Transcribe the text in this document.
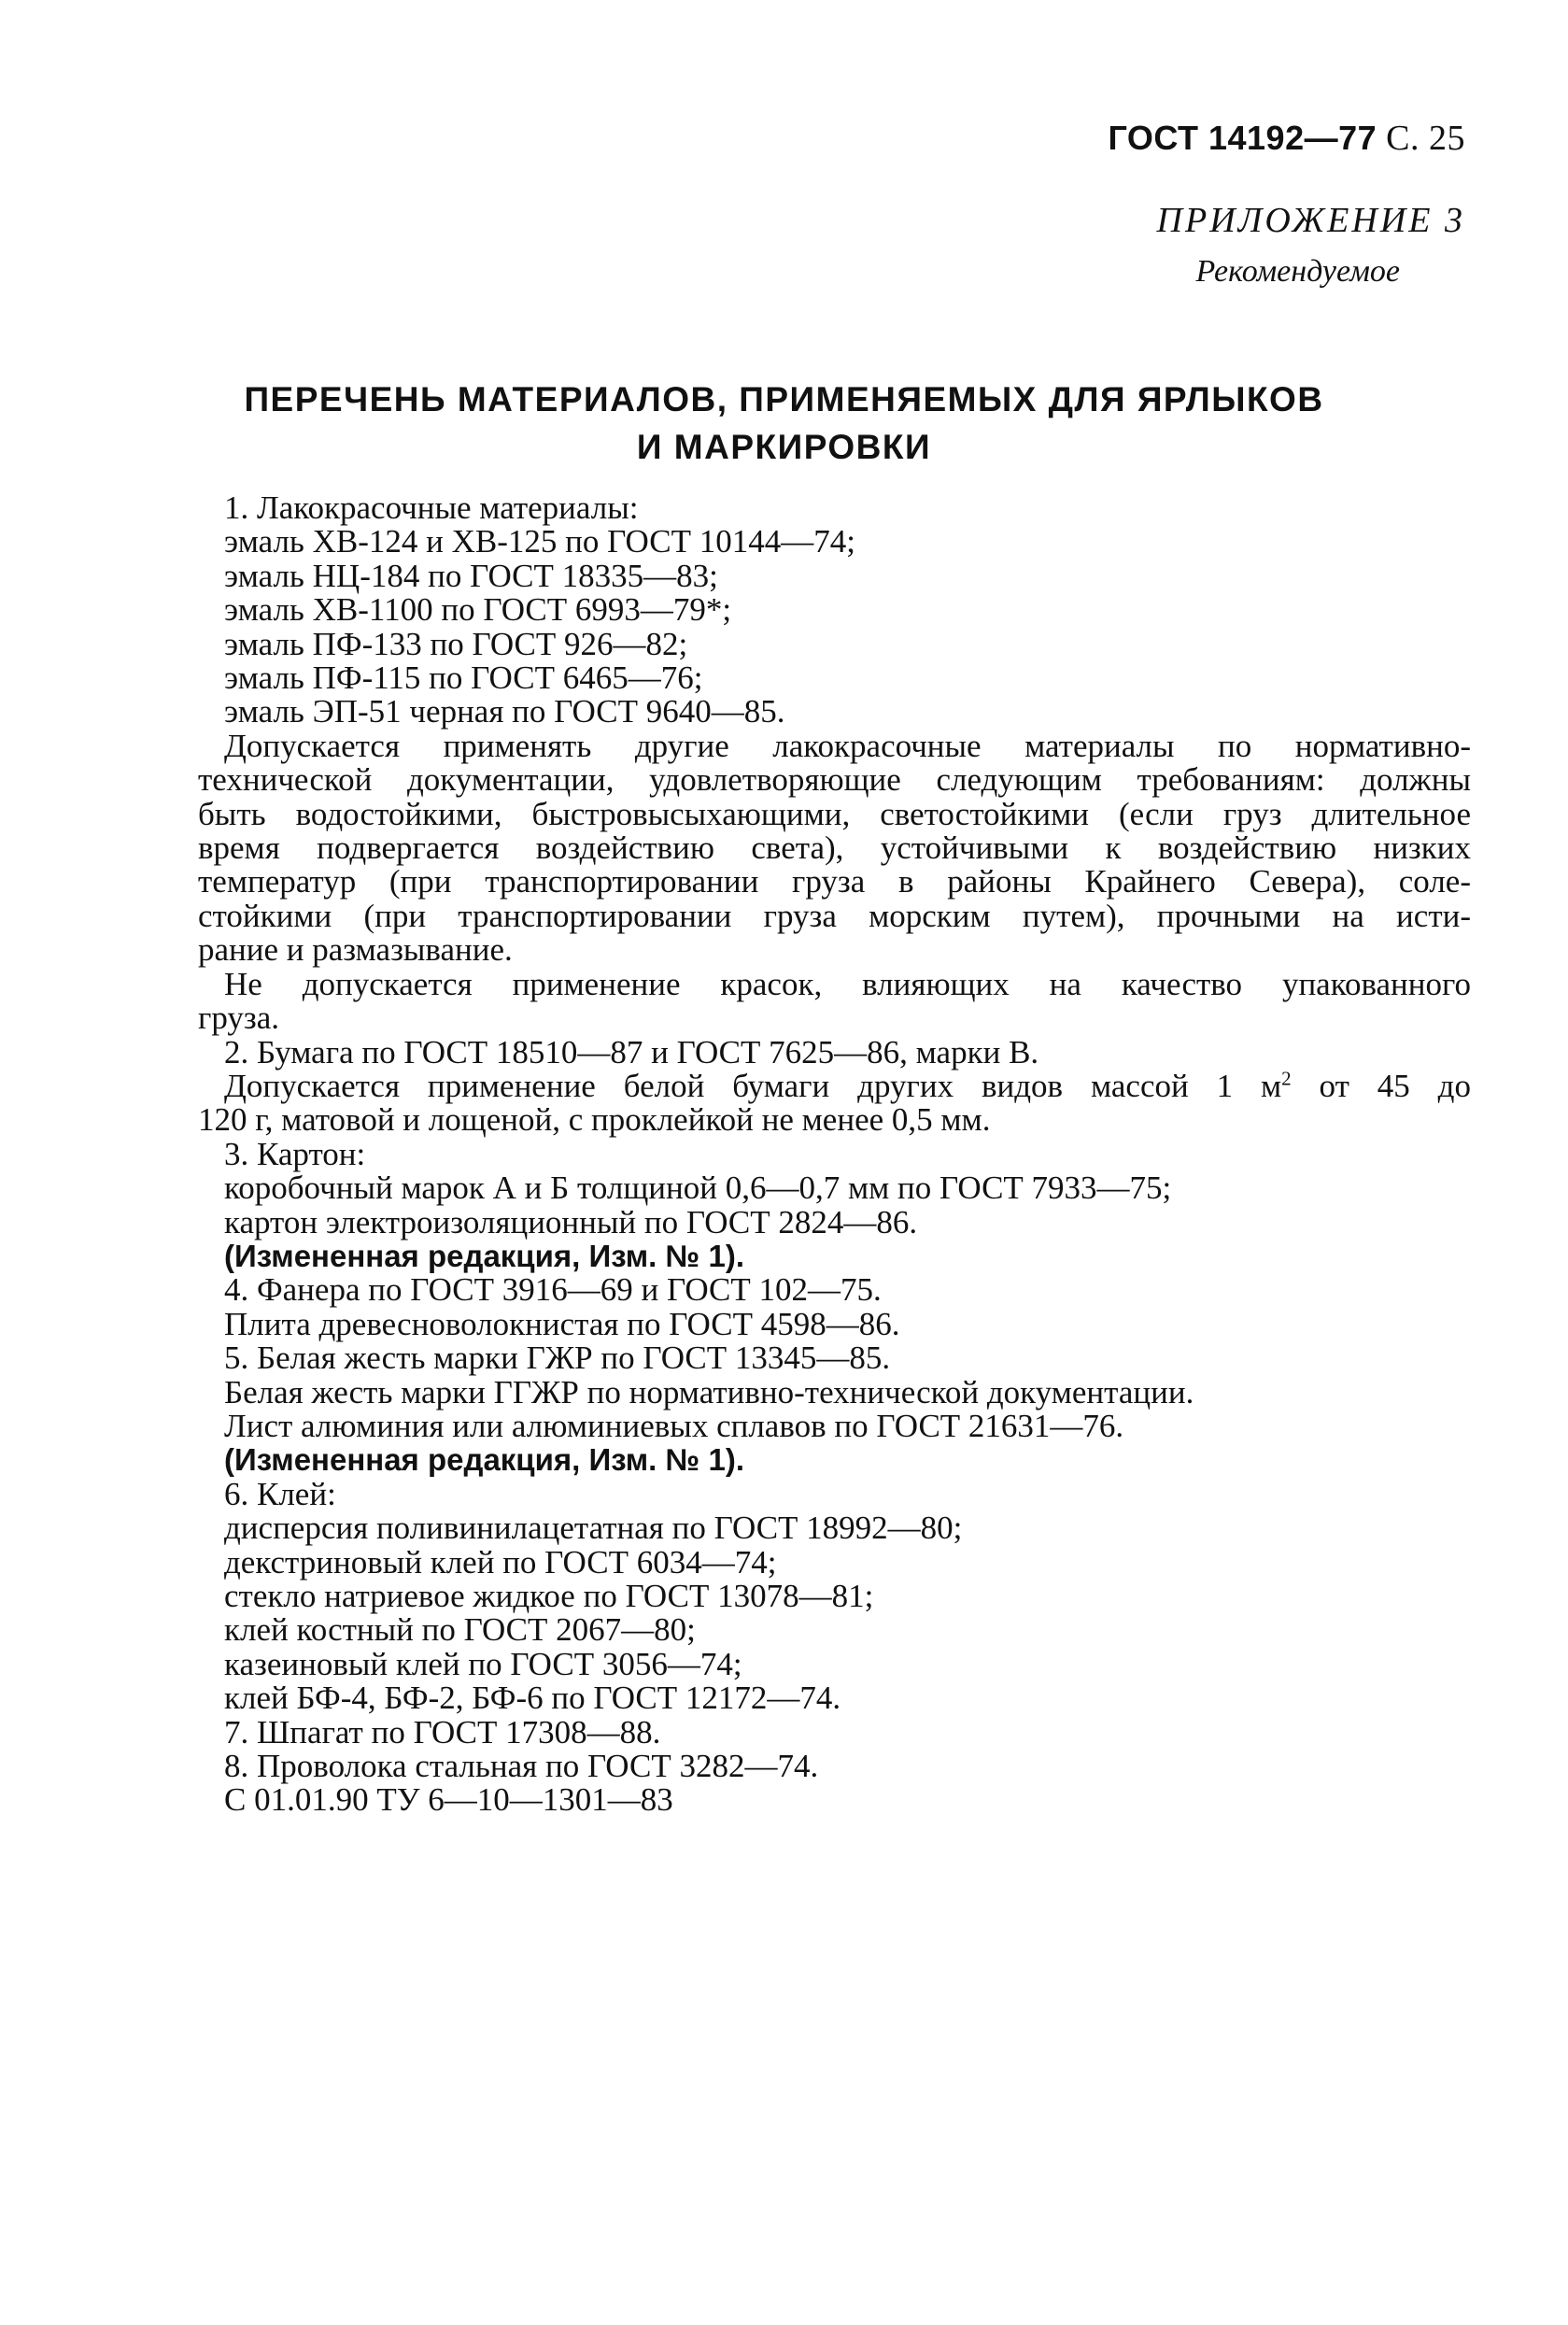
ГОСТ 14192—77 С. 25
ПРИЛОЖЕНИЕ 3
Рекомендуемое
ПЕРЕЧЕНЬ МАТЕРИАЛОВ, ПРИМЕНЯЕМЫХ ДЛЯ ЯРЛЫКОВ
И МАРКИРОВКИ
1. Лакокрасочные материалы:
эмаль ХВ-124 и ХВ-125 по ГОСТ 10144—74;
эмаль НЦ-184 по ГОСТ 18335—83;
эмаль ХВ-1100 по ГОСТ 6993—79*;
эмаль ПФ-133 по ГОСТ 926—82;
эмаль ПФ-115 по ГОСТ 6465—76;
эмаль ЭП-51 черная по ГОСТ 9640—85.
Допускается применять другие лакокрасочные материалы по нормативно-
технической документации, удовлетворяющие следующим требованиям: должны
быть водостойкими, быстровысыхающими, светостойкими (если груз длительное
время подвергается воздействию света), устойчивыми к воздействию низких
температур (при транспортировании груза в районы Крайнего Севера), соле-
стойкими (при транспортировании груза морским путем), прочными на исти-
рание и размазывание.
Не допускается применение красок, влияющих на качество упакованного
груза.
2. Бумага по ГОСТ 18510—87 и ГОСТ 7625—86, марки В.
Допускается применение белой бумаги других видов массой 1 $м^2$ от 45 до
120 г, матовой и лощеной, с проклейкой не менее 0,5 мм.
3. Картон:
коробочный марок А и Б толщиной 0,6—0,7 мм по ГОСТ 7933—75;
картон электроизоляционный по ГОСТ 2824—86.
(Измененная редакция, Изм. № 1).
4. Фанера по ГОСТ 3916—69 и ГОСТ 102—75.
Плита древесноволокнистая по ГОСТ 4598—86.
5. Белая жесть марки ГЖР по ГОСТ 13345—85.
Белая жесть марки ГГЖР по нормативно-технической документации.
Лист алюминия или алюминиевых сплавов по ГОСТ 21631—76.
(Измененная редакция, Изм. № 1).
6. Клей:
дисперсия поливинилацетатная по ГОСТ 18992—80;
декстриновый клей по ГОСТ 6034—74;
стекло натриевое жидкое по ГОСТ 13078—81;
клей костный по ГОСТ 2067—80;
казеиновый клей по ГОСТ 3056—74;
клей БФ-4, БФ-2, БФ-6 по ГОСТ 12172—74.
7. Шпагат по ГОСТ 17308—88.
8. Проволока стальная по ГОСТ 3282—74.
С 01.01.90 ТУ 6—10—1301—83
